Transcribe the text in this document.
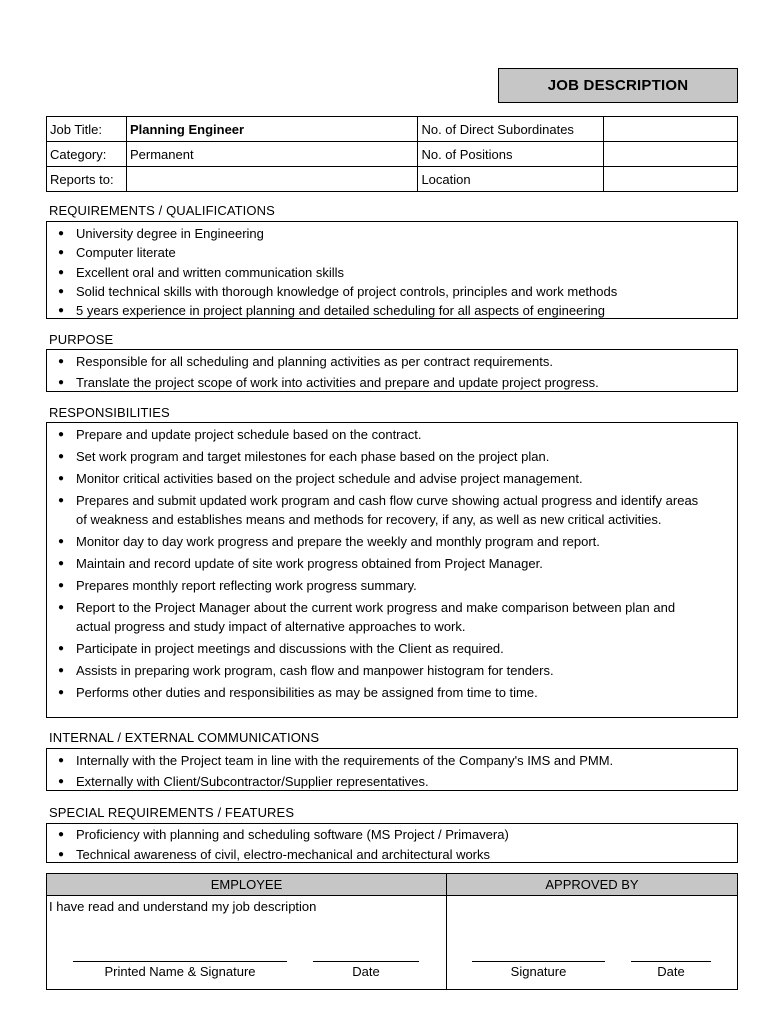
JOB DESCRIPTION
Job Title:	Planning Engineer	No. of Direct Subordinates	
Category:	Permanent	No. of Positions	
Reports to:		Location	
REQUIREMENTS / QUALIFICATIONS
● University degree in Engineering
● Computer literate
● Excellent oral and written communication skills
● Solid technical skills with thorough knowledge of project controls, principles and work methods
● 5 years experience in project planning and detailed scheduling for all aspects of engineering
PURPOSE
● Responsible for all scheduling and planning activities as per contract requirements.
● Translate the project scope of work into activities and prepare and update project progress.
RESPONSIBILITIES
● Prepare and update project schedule based on the contract.
● Set work program and target milestones for each phase based on the project plan.
● Monitor critical activities based on the project schedule and advise project management.
● Prepares and submit updated work program and cash flow curve showing actual progress and identify areas of weakness and establishes means and methods for recovery, if any, as well as new critical activities.
● Monitor day to day work progress and prepare the weekly and monthly program and report.
● Maintain and record update of site work progress obtained from Project Manager.
● Prepares monthly report reflecting work progress summary.
● Report to the Project Manager about the current work progress and make comparison between plan and actual progress and study impact of alternative approaches to work.
● Participate in project meetings and discussions with the Client as required.
● Assists in preparing work program, cash flow and manpower histogram for tenders.
● Performs other duties and responsibilities as may be assigned from time to time.
INTERNAL / EXTERNAL COMMUNICATIONS
● Internally with the Project team in line with the requirements of the Company's IMS and PMM.
● Externally with Client/Subcontractor/Supplier representatives.
SPECIAL REQUIREMENTS / FEATURES
● Proficiency with planning and scheduling software (MS Project / Primavera)
● Technical awareness of civil, electro-mechanical and architectural works
EMPLOYEE	APPROVED BY
I have read and understand my job description
Printed Name & Signature	Date	Signature	Date
